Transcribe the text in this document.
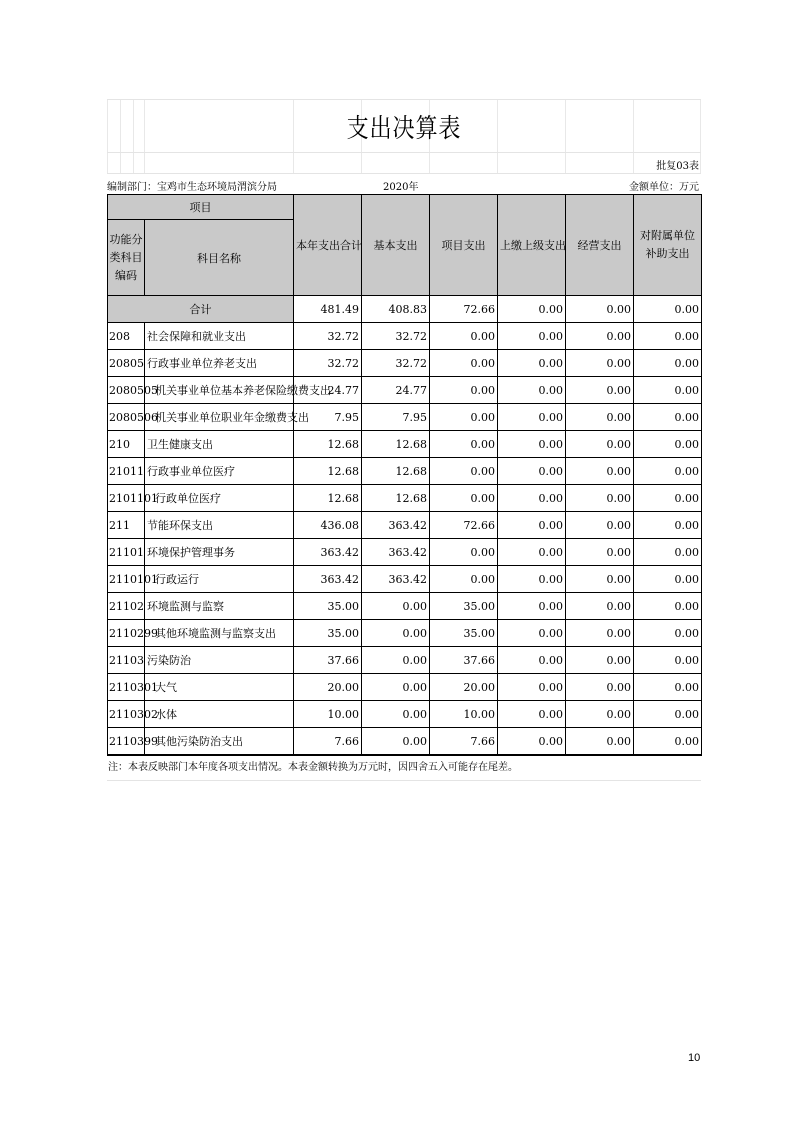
支出决算表
批复03表
编制部门：宝鸡市生态环境局渭滨分局	2020年	金额单位：万元
项目		本年支出合计	基本支出	项目支出	上缴上级支出	经营支出	对附属单位补助支出
功能分类科目编码	科目名称						
合计		481.49	408.83	72.66	0.00	0.00	0.00
208	社会保障和就业支出	32.72	32.72	0.00	0.00	0.00	0.00
20805	行政事业单位养老支出	32.72	32.72	0.00	0.00	0.00	0.00
2080505	机关事业单位基本养老保险缴费支出	24.77	24.77	0.00	0.00	0.00	0.00
2080506	机关事业单位职业年金缴费支出	7.95	7.95	0.00	0.00	0.00	0.00
210	卫生健康支出	12.68	12.68	0.00	0.00	0.00	0.00
21011	行政事业单位医疗	12.68	12.68	0.00	0.00	0.00	0.00
2101101	行政单位医疗	12.68	12.68	0.00	0.00	0.00	0.00
211	节能环保支出	436.08	363.42	72.66	0.00	0.00	0.00
21101	环境保护管理事务	363.42	363.42	0.00	0.00	0.00	0.00
2110101	行政运行	363.42	363.42	0.00	0.00	0.00	0.00
21102	环境监测与监察	35.00	0.00	35.00	0.00	0.00	0.00
2110299	其他环境监测与监察支出	35.00	0.00	35.00	0.00	0.00	0.00
21103	污染防治	37.66	0.00	37.66	0.00	0.00	0.00
2110301	大气	20.00	0.00	20.00	0.00	0.00	0.00
2110302	水体	10.00	0.00	10.00	0.00	0.00	0.00
2110399	其他污染防治支出	7.66	0.00	7.66	0.00	0.00	0.00
注：本表反映部门本年度各项支出情况。本表金额转换为万元时，因四舍五入可能存在尾差。
10
